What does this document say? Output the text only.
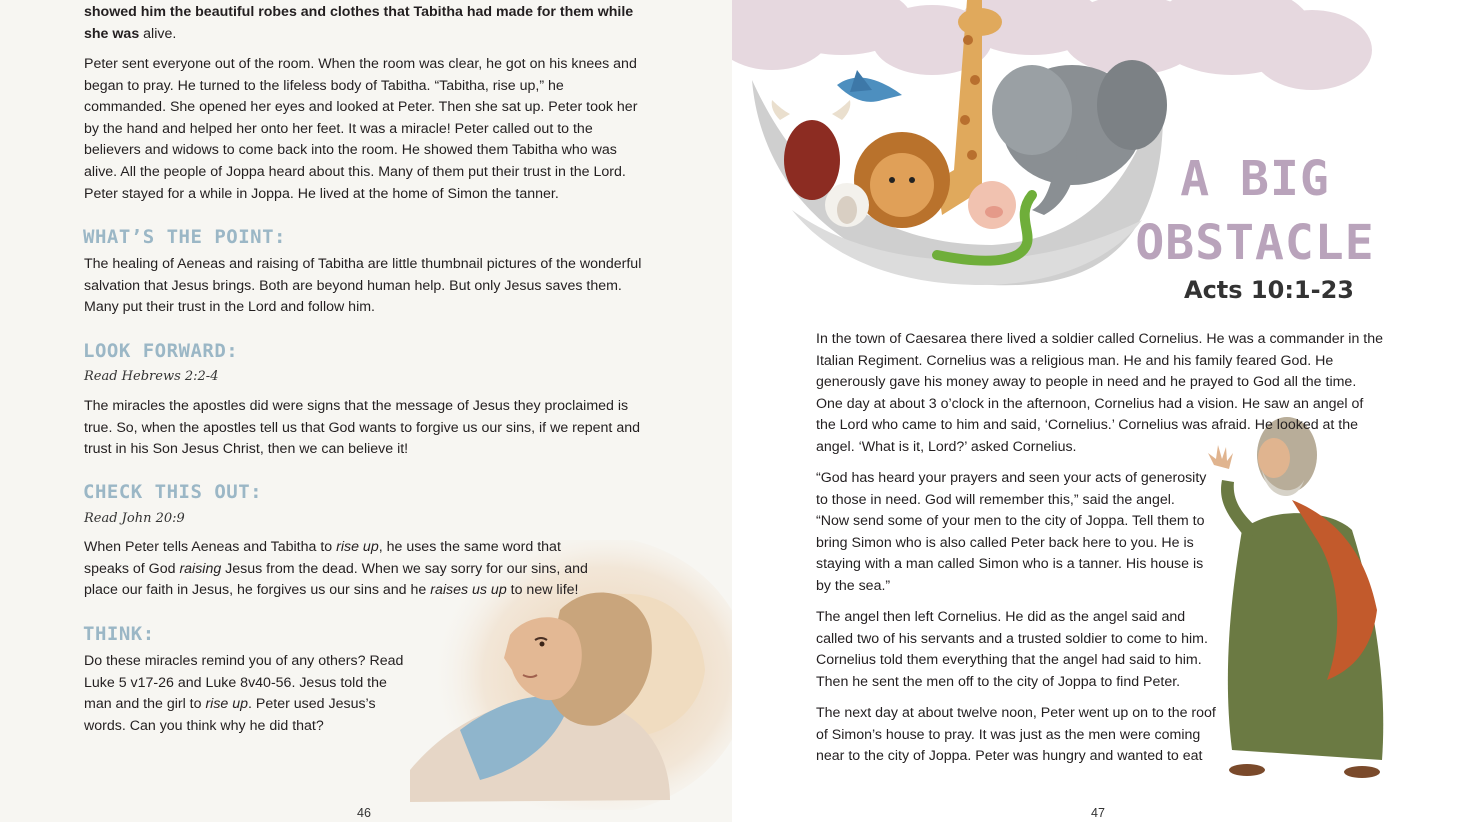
showed him the beautiful robes and clothes that Tabitha had made for them while she was alive.

Peter sent everyone out of the room. When the room was clear, he got on his knees and began to pray. He turned to the lifeless body of Tabitha. “Tabitha, rise up,” he commanded. She opened her eyes and looked at Peter. Then she sat up. Peter took her by the hand and helped her onto her feet. It was a miracle! Peter called out to the believers and widows to come back into the room. He showed them Tabitha who was alive. All the people of Joppa heard about this. Many of them put their trust in the Lord. Peter stayed for a while in Joppa. He lived at the home of Simon the tanner.

WHAT’S THE POINT:

The healing of Aeneas and raising of Tabitha are little thumbnail pictures of the wonderful salvation that Jesus brings. Both are beyond human help. But only Jesus saves them. Many put their trust in the Lord and follow him.

LOOK FORWARD:

Read Hebrews 2:2-4

The miracles the apostles did were signs that the message of Jesus they proclaimed is true. So, when the apostles tell us that God wants to forgive us our sins, if we repent and trust in his Son Jesus Christ, then we can believe it!

CHECK THIS OUT:

Read John 20:9

When Peter tells Aeneas and Tabitha to rise up, he uses the same word that speaks of God raising Jesus from the dead. When we say sorry for our sins, and place our faith in Jesus, he forgives us our sins and he raises us up to new life!

THINK:

Do these miracles remind you of any others? Read Luke 5 v17-26 and Luke 8v40-56. Jesus told the man and the girl to rise up. Peter used Jesus’s words. Can you think why he did that?

46
A BIG
OBSTACLE
Acts 10:1-23

In the town of Caesarea there lived a soldier called Cornelius. He was a commander in the Italian Regiment. Cornelius was a religious man. He and his family feared God. He generously gave his money away to people in need and he prayed to God all the time. One day at about 3 o’clock in the afternoon, Cornelius had a vision. He saw an angel of the Lord who came to him and said, ‘Cornelius.’ Cornelius was afraid. He looked at the angel. ‘What is it, Lord?’ asked Cornelius.

“God has heard your prayers and seen your acts of generosity to those in need. God will remember this,” said the angel. “Now send some of your men to the city of Joppa. Tell them to bring Simon who is also called Peter back here to you. He is staying with a man called Simon who is a tanner. His house is by the sea.”

The angel then left Cornelius. He did as the angel said and called two of his servants and a trusted soldier to come to him. Cornelius told them everything that the angel had said to him. Then he sent the men off to the city of Joppa to find Peter.

The next day at about twelve noon, Peter went up on to the roof of Simon’s house to pray. It was just as the men were coming near to the city of Joppa. Peter was hungry and wanted to eat

47
